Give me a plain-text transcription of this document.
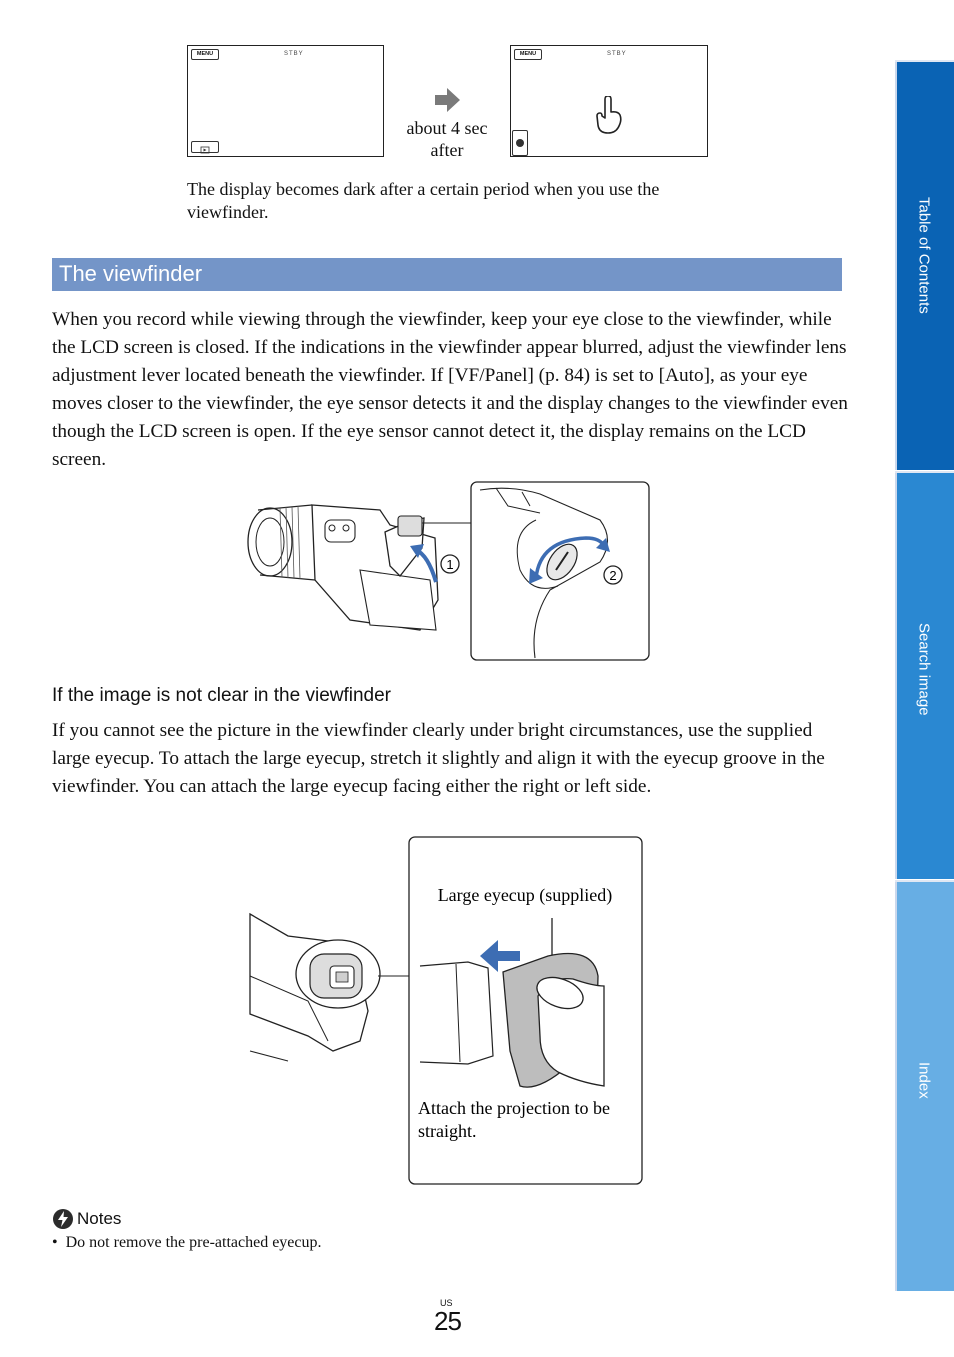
MENU	STBY
about 4 sec after
MENU	STBY
The display becomes dark after a certain period when you use the viewfinder.
The viewfinder
When you record while viewing through the viewfinder, keep your eye close to the viewfinder, while the LCD screen is closed. If the indications in the viewfinder appear blurred, adjust the viewfinder lens adjustment lever located beneath the viewfinder. If [VF/Panel] (p. 84) is set to [Auto], as your eye moves closer to the viewfinder, the eye sensor detects it and the display changes to the viewfinder even though the LCD screen is open. If the eye sensor cannot detect it, the display remains on the LCD screen.
1
2
If the image is not clear in the viewfinder
If you cannot see the picture in the viewfinder clearly under bright circumstances, use the supplied large eyecup. To attach the large eyecup, stretch it slightly and align it with the eyecup groove in the viewfinder. You can attach the large eyecup facing either the right or left side.
Large eyecup (supplied)
Attach the projection to be straight.
Notes
•  Do not remove the pre-attached eyecup.
US
25
Table of Contents
Search image
Index
